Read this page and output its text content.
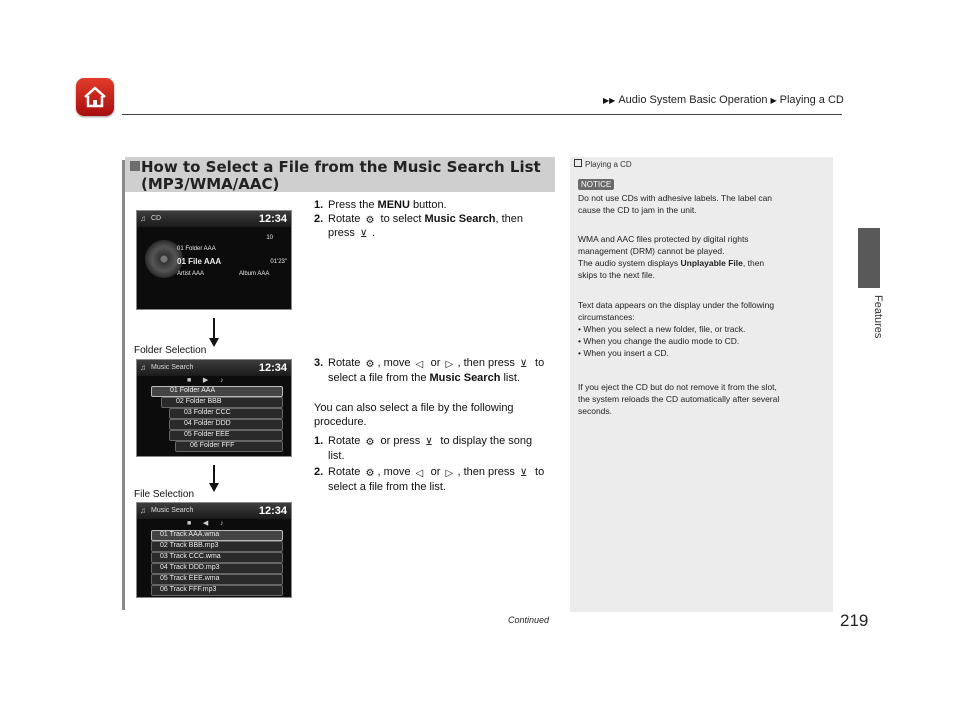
▶▶ Audio System Basic Operation ▶ Playing a CD
Features
How to Select a File from the Music Search List
(MP3/WMA/AAC)
♫ CD	12:34
10
01 Folder AAA
01 File AAA	01'23"
Artist AAA	Album AAA
Folder Selection
♫ Music Search	12:34
■      ▶      ♪
01 Folder AAA
02 Folder BBB
03 Folder CCC
04 Folder DDD
05 Folder EEE
06 Folder FFF
File Selection
♫ Music Search	12:34
■      ◀      ♪
01 Track AAA.wma
02 Track BBB.mp3
03 Track CCC.wma
04 Track DDD.mp3
05 Track EEE.wma
06 Track FFF.mp3
1. Press the MENU button.
2. Rotate ⚙ to select Music Search, then
press ⊻ .
3. Rotate ⚙ , move ◁ or ▷ , then press ⊻ to
select a file from the Music Search list.
You can also select a file by the following
procedure.
1. Rotate ⚙ or press ⊻ to display the song
list.
2. Rotate ⚙ , move ◁ or ▷ , then press ⊻ to
select a file from the list.
Playing a CD
NOTICE
Do not use CDs with adhesive labels. The label can
cause the CD to jam in the unit.
WMA and AAC files protected by digital rights
management (DRM) cannot be played.
The audio system displays Unplayable File, then
skips to the next file.
Text data appears on the display under the following
circumstances:
• When you select a new folder, file, or track.
• When you change the audio mode to CD.
• When you insert a CD.
If you eject the CD but do not remove it from the slot,
the system reloads the CD automatically after several
seconds.
Continued	219
